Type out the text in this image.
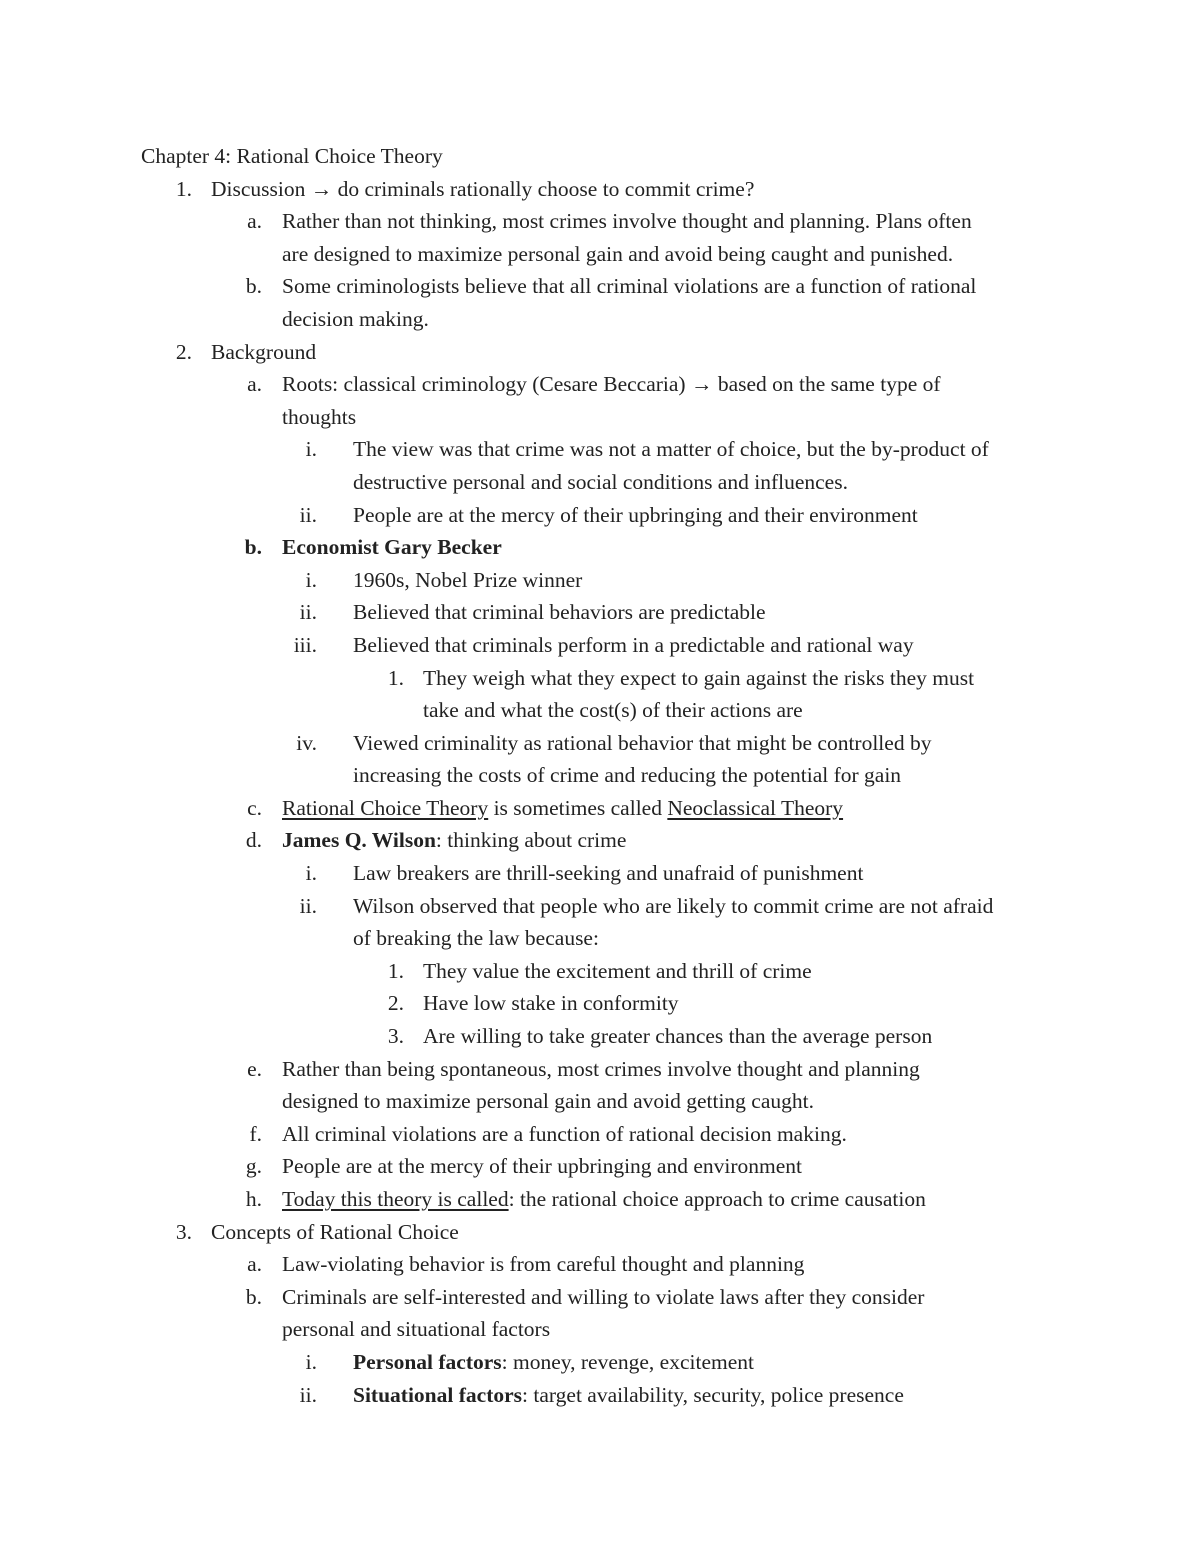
Chapter 4: Rational Choice Theory
1. Discussion → do criminals rationally choose to commit crime?
a. Rather than not thinking, most crimes involve thought and planning. Plans often
are designed to maximize personal gain and avoid being caught and punished.
b. Some criminologists believe that all criminal violations are a function of rational
decision making.
2. Background
a. Roots: classical criminology (Cesare Beccaria) → based on the same type of
thoughts
i. The view was that crime was not a matter of choice, but the by-product of
destructive personal and social conditions and influences.
ii. People are at the mercy of their upbringing and their environment
b. Economist Gary Becker
i. 1960s, Nobel Prize winner
ii. Believed that criminal behaviors are predictable
iii. Believed that criminals perform in a predictable and rational way
1. They weigh what they expect to gain against the risks they must
take and what the cost(s) of their actions are
iv. Viewed criminality as rational behavior that might be controlled by
increasing the costs of crime and reducing the potential for gain
c. Rational Choice Theory is sometimes called Neoclassical Theory
d. James Q. Wilson: thinking about crime
i. Law breakers are thrill-seeking and unafraid of punishment
ii. Wilson observed that people who are likely to commit crime are not afraid
of breaking the law because:
1. They value the excitement and thrill of crime
2. Have low stake in conformity
3. Are willing to take greater chances than the average person
e. Rather than being spontaneous, most crimes involve thought and planning
designed to maximize personal gain and avoid getting caught.
f. All criminal violations are a function of rational decision making.
g. People are at the mercy of their upbringing and environment
h. Today this theory is called: the rational choice approach to crime causation
3. Concepts of Rational Choice
a. Law-violating behavior is from careful thought and planning
b. Criminals are self-interested and willing to violate laws after they consider
personal and situational factors
i. Personal factors: money, revenge, excitement
ii. Situational factors: target availability, security, police presence
